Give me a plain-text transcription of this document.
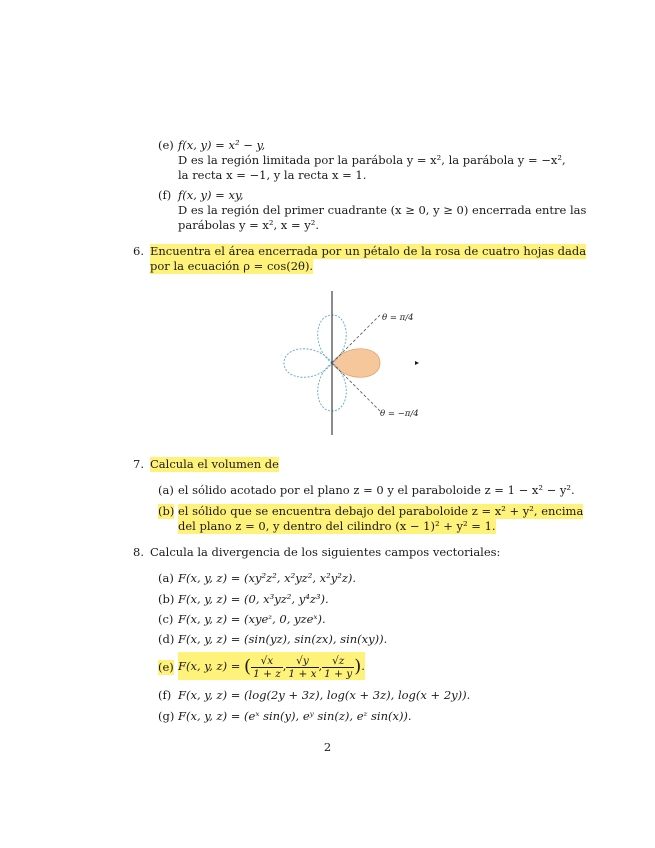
(e) f(x, y) = x² − y,
D es la región limitada por la parábola y = x², la parábola y = −x²,
la recta x = −1, y la recta x = 1.
(f) f(x, y) = xy,
D es la región del primer cuadrante (x ≥ 0, y ≥ 0) encerrada entre las
parábolas y = x², x = y².
6. Encuentra el área encerrada por un pétalo de la rosa de cuatro hojas dada
por la ecuación ρ = cos(2θ).
θ = π/4
θ = −π/4
7. Calcula el volumen de
(a) el sólido acotado por el plano z = 0 y el paraboloide z = 1 − x² − y².
(b) el sólido que se encuentra debajo del paraboloide z = x² + y², encima
del plano z = 0, y dentro del cilindro (x − 1)² + y² = 1.
8. Calcula la divergencia de los siguientes campos vectoriales:
(a) F(x, y, z) = (xy²z², x²yz², x²y²z).
(b) F(x, y, z) = (0, x³yz², y⁴z³).
(c) F(x, y, z) = (xyeᶻ, 0, yzeˣ).
(d) F(x, y, z) = (sin(yz), sin(zx), sin(xy)).
(e) F(x, y, z) = ( $\frac{√x}{1 + z}$ , $\frac{√y}{1 + x}$ , $\frac{√z}{1 + y}$ ).
(f) F(x, y, z) = (log(2y + 3z), log(x + 3z), log(x + 2y)).
(g) F(x, y, z) = (eˣ sin(y), eʸ sin(z), eᶻ sin(x)).
2
